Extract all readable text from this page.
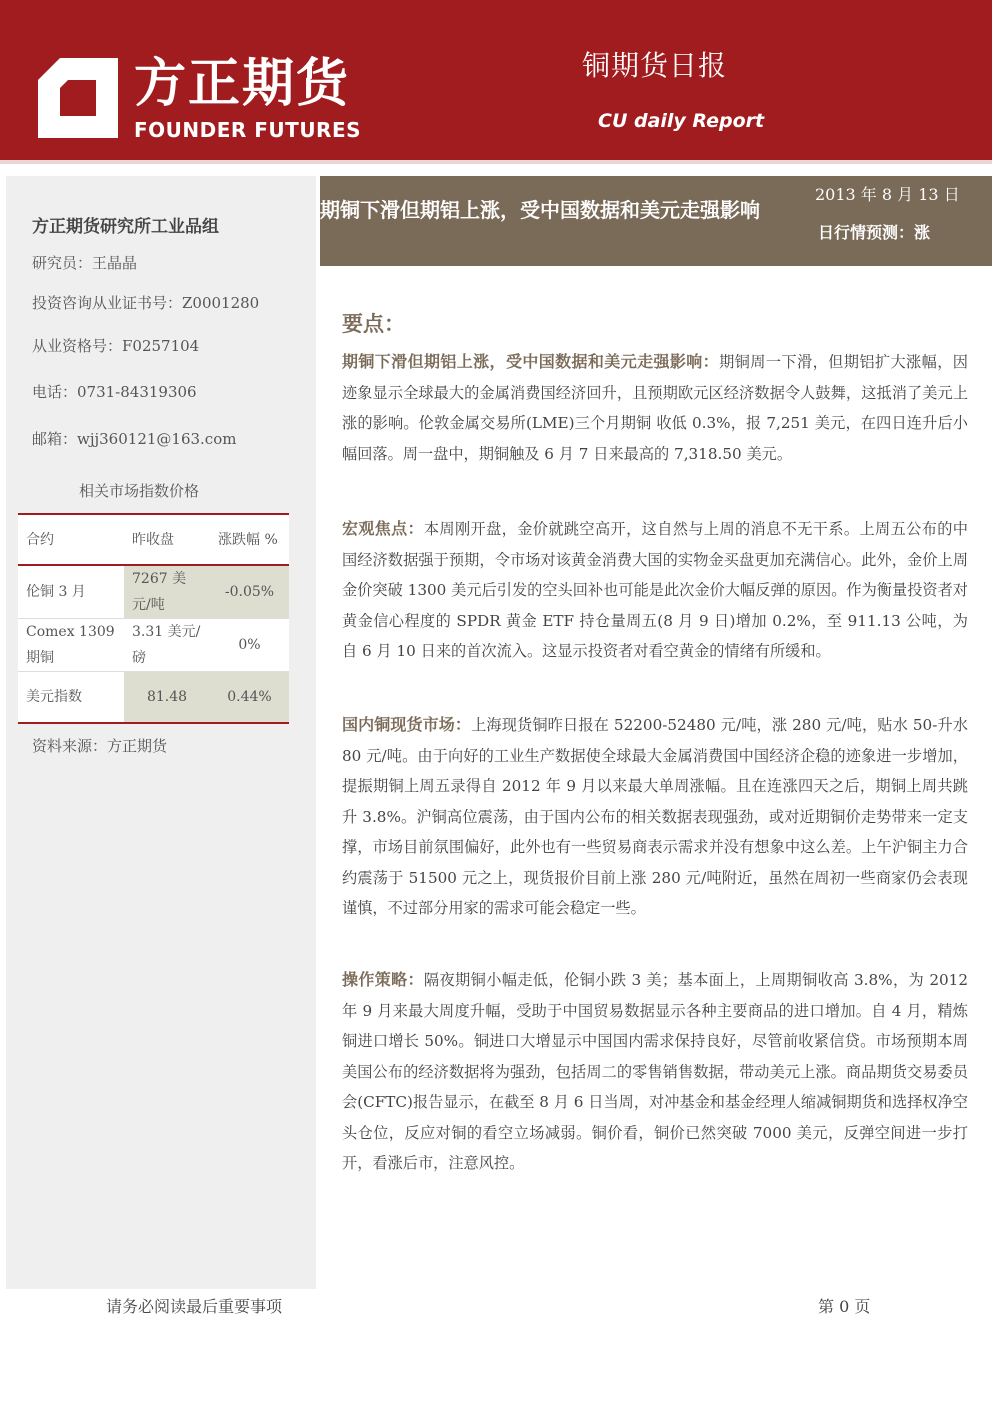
方正期货
FOUNDER FUTURES
铜期货日报
CU daily Report
方正期货研究所工业品组
研究员：王晶晶
投资咨询从业证书号：Z0001280
从业资格号：F0257104
电话：0731-84319306
邮箱：wjj360121@163.com
相关市场指数价格
合约	昨收盘	涨跌幅 %
伦铜 3 月	7267 美元/吨	-0.05%
Comex 1309 期铜	3.31 美元/磅	0%
美元指数	81.48	0.44%
资料来源：方正期货
期铜下滑但期铝上涨，受中国数据和美元走强影响
2013 年 8 月 13 日
日行情预测：涨
要点：
期铜下滑但期铝上涨，受中国数据和美元走强影响：期铜周一下滑，但期铝扩大涨幅，因迹象显示全球最大的金属消费国经济回升，且预期欧元区经济数据令人鼓舞，这抵消了美元上涨的影响。伦敦金属交易所(LME)三个月期铜 收低 0.3%，报 7,251 美元，在四日连升后小幅回落。周一盘中，期铜触及 6 月 7 日来最高的 7,318.50 美元。
宏观焦点：本周刚开盘，金价就跳空高开，这自然与上周的消息不无干系。上周五公布的中国经济数据强于预期，令市场对该黄金消费大国的实物金买盘更加充满信心。此外，金价上周金价突破 1300 美元后引发的空头回补也可能是此次金价大幅反弹的原因。作为衡量投资者对黄金信心程度的 SPDR 黄金 ETF 持仓量周五(8 月 9 日)增加 0.2%，至 911.13 公吨，为自 6 月 10 日来的首次流入。这显示投资者对看空黄金的情绪有所缓和。
国内铜现货市场：上海现货铜昨日报在 52200-52480 元/吨，涨 280 元/吨，贴水 50-升水 80 元/吨。由于向好的工业生产数据使全球最大金属消费国中国经济企稳的迹象进一步增加，提振期铜上周五录得自 2012 年 9 月以来最大单周涨幅。且在连涨四天之后，期铜上周共跳升 3.8%。沪铜高位震荡，由于国内公布的相关数据表现强劲，或对近期铜价走势带来一定支撑，市场目前氛围偏好，此外也有一些贸易商表示需求并没有想象中这么差。上午沪铜主力合约震荡于 51500 元之上，现货报价目前上涨 280 元/吨附近，虽然在周初一些商家仍会表现谨慎，不过部分用家的需求可能会稳定一些。
操作策略：隔夜期铜小幅走低，伦铜小跌 3 美；基本面上，上周期铜收高 3.8%，为 2012 年 9 月来最大周度升幅，受助于中国贸易数据显示各种主要商品的进口增加。自 4 月，精炼铜进口增长 50%。铜进口大增显示中国国内需求保持良好，尽管前收紧信贷。市场预期本周美国公布的经济数据将为强劲，包括周二的零售销售数据，带动美元上涨。商品期货交易委员会(CFTC)报告显示，在截至 8 月 6 日当周，对冲基金和基金经理人缩减铜期货和选择权净空头仓位，反应对铜的看空立场减弱。铜价看，铜价已然突破 7000 美元，反弹空间进一步打开，看涨后市，注意风控。
请务必阅读最后重要事项	第 0 页
